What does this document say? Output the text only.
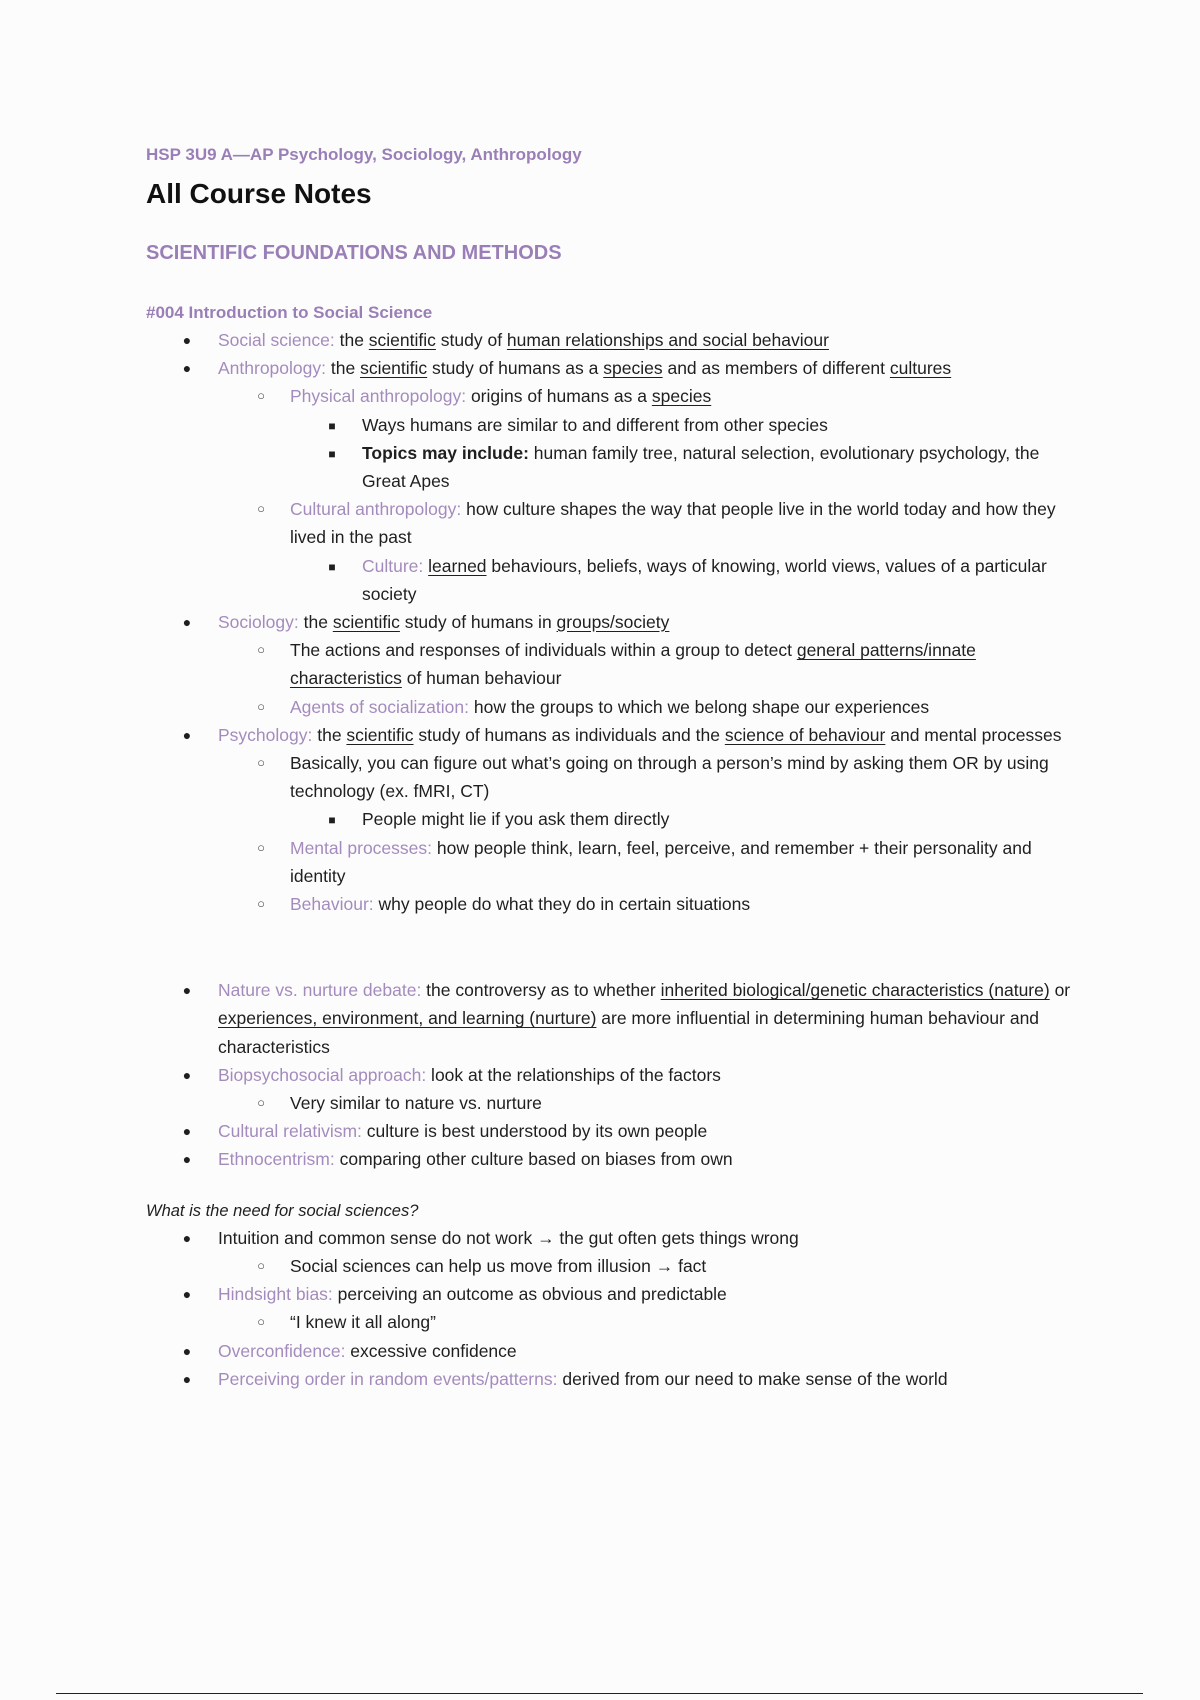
HSP 3U9 A—AP Psychology, Sociology, Anthropology
All Course Notes
SCIENTIFIC FOUNDATIONS AND METHODS
#004 Introduction to Social Science
● Social science: the scientific study of human relationships and social behaviour
● Anthropology: the scientific study of humans as a species and as members of different cultures
○ Physical anthropology: origins of humans as a species
■ Ways humans are similar to and different from other species
■ Topics may include: human family tree, natural selection, evolutionary psychology, the Great Apes
○ Cultural anthropology: how culture shapes the way that people live in the world today and how they lived in the past
■ Culture: learned behaviours, beliefs, ways of knowing, world views, values of a particular society
● Sociology: the scientific study of humans in groups/society
○ The actions and responses of individuals within a group to detect general patterns/innate characteristics of human behaviour
○ Agents of socialization: how the groups to which we belong shape our experiences
● Psychology: the scientific study of humans as individuals and the science of behaviour and mental processes
○ Basically, you can figure out what’s going on through a person’s mind by asking them OR by using technology (ex. fMRI, CT)
■ People might lie if you ask them directly
○ Mental processes: how people think, learn, feel, perceive, and remember + their personality and identity
○ Behaviour: why people do what they do in certain situations
● Nature vs. nurture debate: the controversy as to whether inherited biological/genetic characteristics (nature) or experiences, environment, and learning (nurture) are more influential in determining human behaviour and characteristics
● Biopsychosocial approach: look at the relationships of the factors
○ Very similar to nature vs. nurture
● Cultural relativism: culture is best understood by its own people
● Ethnocentrism: comparing other culture based on biases from own
What is the need for social sciences?
● Intuition and common sense do not work → the gut often gets things wrong
○ Social sciences can help us move from illusion → fact
● Hindsight bias: perceiving an outcome as obvious and predictable
○ “I knew it all along”
● Overconfidence: excessive confidence
● Perceiving order in random events/patterns: derived from our need to make sense of the world
